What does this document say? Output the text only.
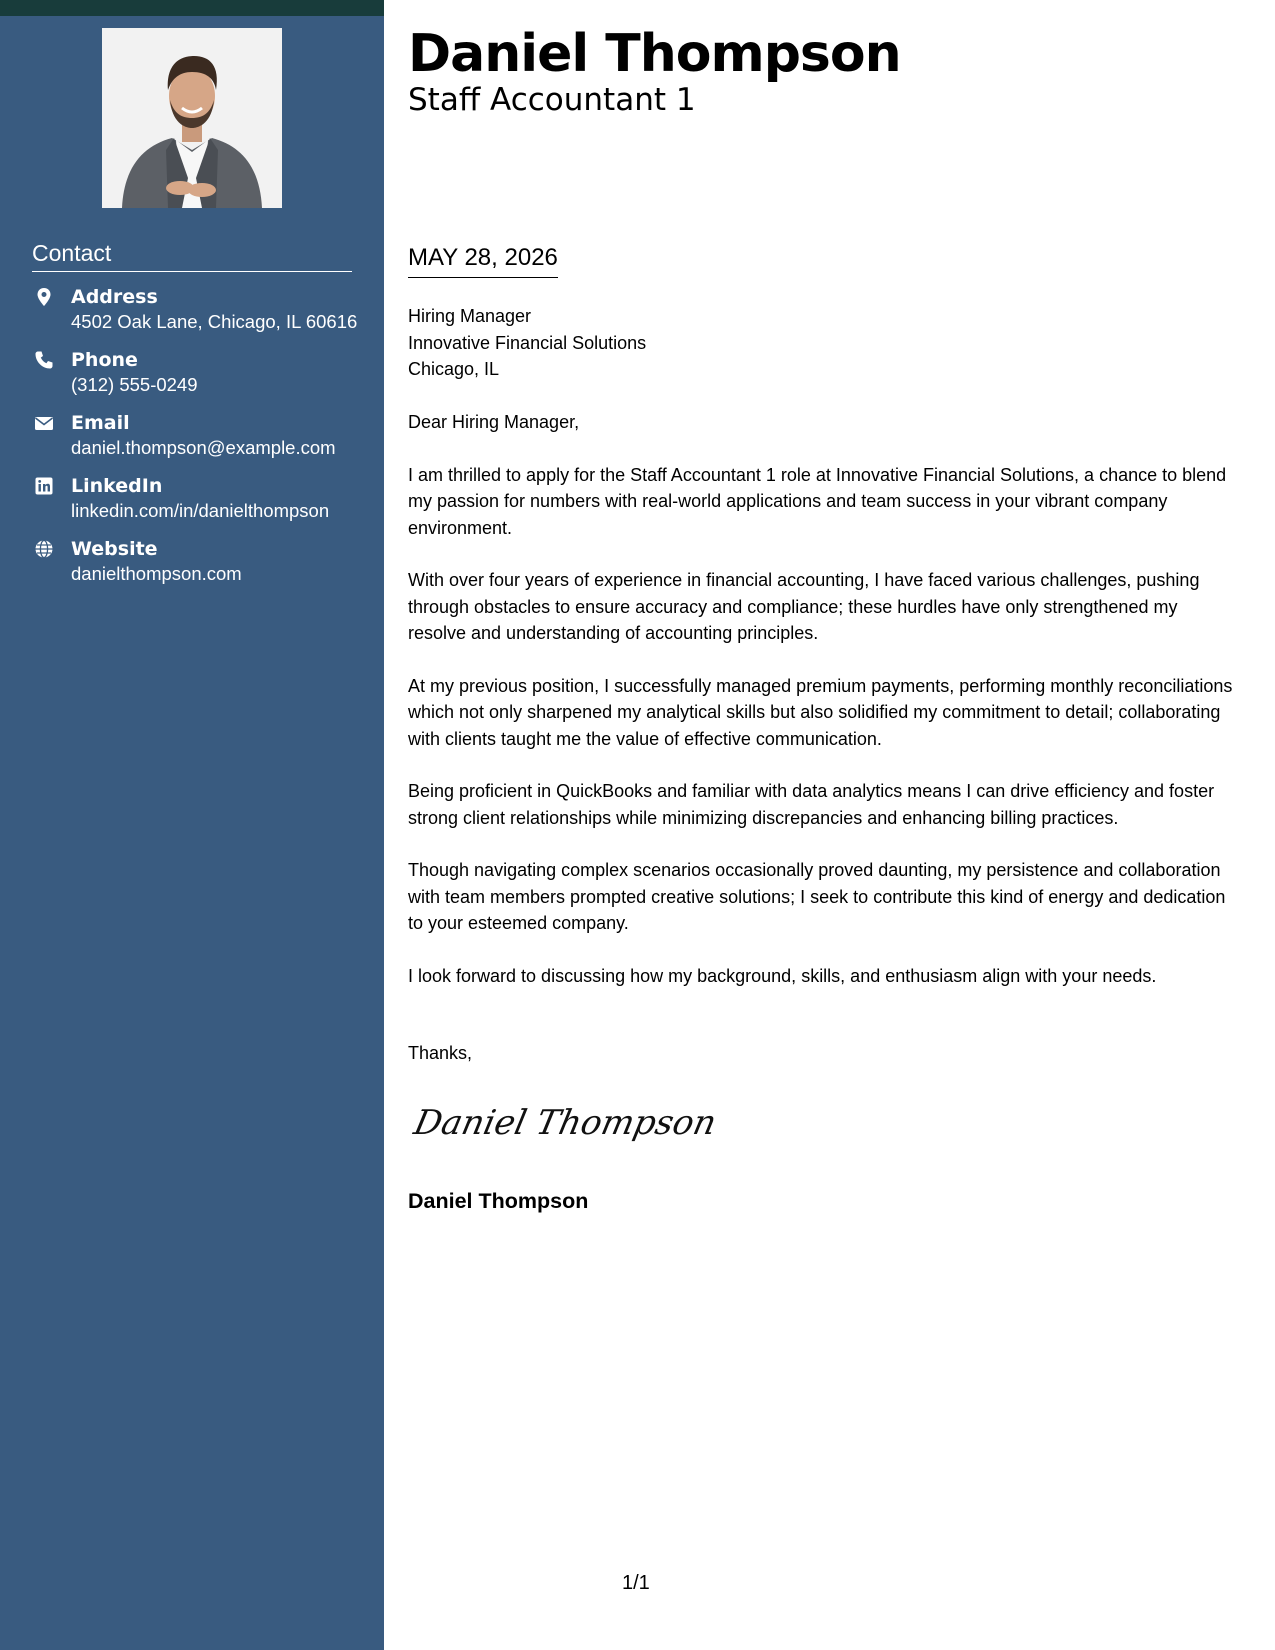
Contact
Address
4502 Oak Lane, Chicago, IL 60616
Phone
(312) 555-0249
Email
daniel.thompson@example.com
LinkedIn
linkedin.com/in/danielthompson
Website
danielthompson.com
Daniel Thompson
Staff Accountant 1
MAY 28, 2026
Hiring Manager
Innovative Financial Solutions
Chicago, IL

Dear Hiring Manager,

I am thrilled to apply for the Staff Accountant 1 role at Innovative Financial Solutions, a chance to blend my passion for numbers with real-world applications and team success in your vibrant company environment.

With over four years of experience in financial accounting, I have faced various challenges, pushing through obstacles to ensure accuracy and compliance; these hurdles have only strengthened my resolve and understanding of accounting principles.

At my previous position, I successfully managed premium payments, performing monthly reconciliations which not only sharpened my analytical skills but also solidified my commitment to detail; collaborating with clients taught me the value of effective communication.

Being proficient in QuickBooks and familiar with data analytics means I can drive efficiency and foster strong client relationships while minimizing discrepancies and enhancing billing practices.

Though navigating complex scenarios occasionally proved daunting, my persistence and collaboration with team members prompted creative solutions; I seek to contribute this kind of energy and dedication to your esteemed company.

I look forward to discussing how my background, skills, and enthusiasm align with your needs.

Thanks,
Daniel Thompson
Daniel Thompson
1/1
